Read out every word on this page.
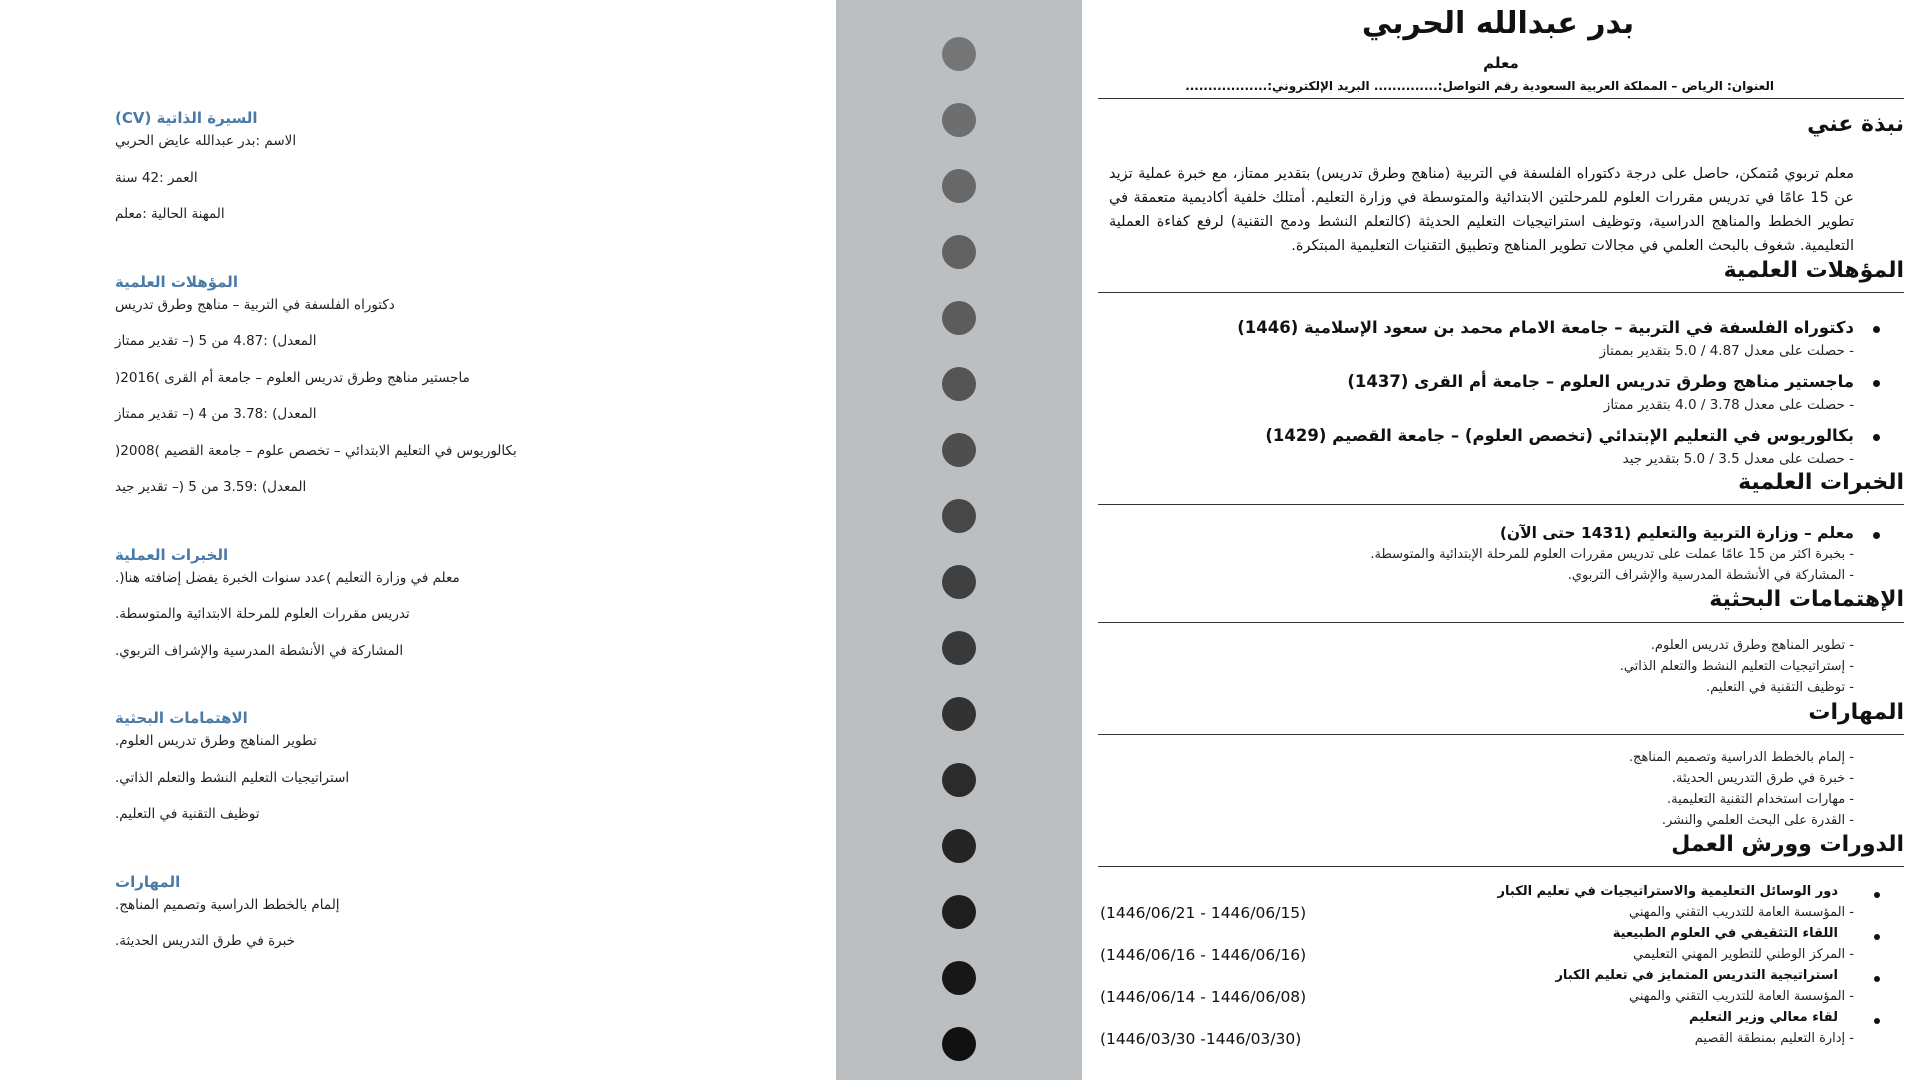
السيرة الذاتية (CV)
الاسم :بدر عبدالله عايض الحربي
العمر :42 سنة
المهنة الحالية :معلم
المؤهلات العلمية
دكتوراه الفلسفة في التربية – مناهج وطرق تدريس
المعدل) :4.87 من 5 (– تقدير ممتاز
ماجستير مناهج وطرق تدريس العلوم – جامعة أم القرى )2016(
المعدل) :3.78 من 4 (– تقدير ممتاز
بكالوريوس في التعليم الابتدائي – تخصص علوم – جامعة القصيم )2008(
المعدل) :3.59 من 5 (– تقدير جيد
الخبرات العملية
معلم في وزارة التعليم )عدد سنوات الخبرة يفضل إضافته هنا(.
تدريس مقررات العلوم للمرحلة الابتدائية والمتوسطة.
المشاركة في الأنشطة المدرسية والإشراف التربوي.
الاهتمامات البحثية
تطوير المناهج وطرق تدريس العلوم.
استراتيجيات التعليم النشط والتعلم الذاتي.
توظيف التقنية في التعليم.
المهارات
إلمام بالخطط الدراسية وتصميم المناهج.
خبرة في طرق التدريس الحديثة.
بدر عبدالله الحربي
معلم
العنوان: الرياض – المملكة العربية السعودية رقم التواصل:.............. البريد الإلكتروني:..................
نبذة عني
معلم تربوي مُتمكن، حاصل على درجة دكتوراه الفلسفة في التربية (مناهج وطرق تدريس) بتقدير ممتاز، مع خبرة عملية تزيد عن 15 عامًا في تدريس مقررات العلوم للمرحلتين الابتدائية والمتوسطة في وزارة التعليم. أمتلك خلفية أكاديمية متعمقة في تطوير الخطط والمناهج الدراسية، وتوظيف استراتيجيات التعليم الحديثة (كالتعلم النشط ودمج التقنية) لرفع كفاءة العملية التعليمية. شغوف بالبحث العلمي في مجالات تطوير المناهج وتطبيق التقنيات التعليمية المبتكرة.
المؤهلات العلمية
دكتوراه الفلسفة في التربية – جامعة الامام محمد بن سعود الإسلامية (1446)
- حصلت على معدل 4.87 / 5.0 بتقدير بممتاز
ماجستير مناهج وطرق تدريس العلوم – جامعة أم القرى (1437)
- حصلت على معدل 3.78 / 4.0 بتقدير ممتاز
بكالوريوس في التعليم الإبتدائي (تخصص العلوم) – جامعة القصيم (1429)
- حصلت على معدل 3.5 / 5.0 بتقدير جيد
الخبرات العلمية
معلم – وزارة التربية والتعليم (1431 حتى الآن)
- بخبرة اكثر من 15 عامًا عملت على تدريس مقررات العلوم للمرحلة الإبتدائية والمتوسطة.
- المشاركة في الأنشطة المدرسية والإشراف التربوي.
الإهتمامات البحثية
- تطوير المناهج وطرق تدريس العلوم.
- إستراتيجيات التعليم النشط والتعلم الذاتي.
- توظيف التقنية في التعليم.
المهارات
- إلمام بالخطط الدراسية وتصميم المناهج.
- خبرة في طرق التدريس الحديثة.
- مهارات استخدام التقنية التعليمية.
- القدرة على البحث العلمي والنشر.
الدورات وورش العمل
دور الوسائل التعليمية والاستراتيجيات في تعليم الكبار
- المؤسسة العامة للتدريب التقني والمهني
(1446/06/21 - 1446/06/15)
اللقاء التثقيفي في العلوم الطبيعية
- المركز الوطني للتطوير المهني التعليمي
(1446/06/16 - 1446/06/16)
استراتيجية التدريس المتمايز في تعليم الكبار
- المؤسسة العامة للتدريب التقني والمهني
(1446/06/14 - 1446/06/08)
لقاء معالي وزير التعليم
- إدارة التعليم بمنطقة القصيم
(1446/03/30 -1446/03/30)
